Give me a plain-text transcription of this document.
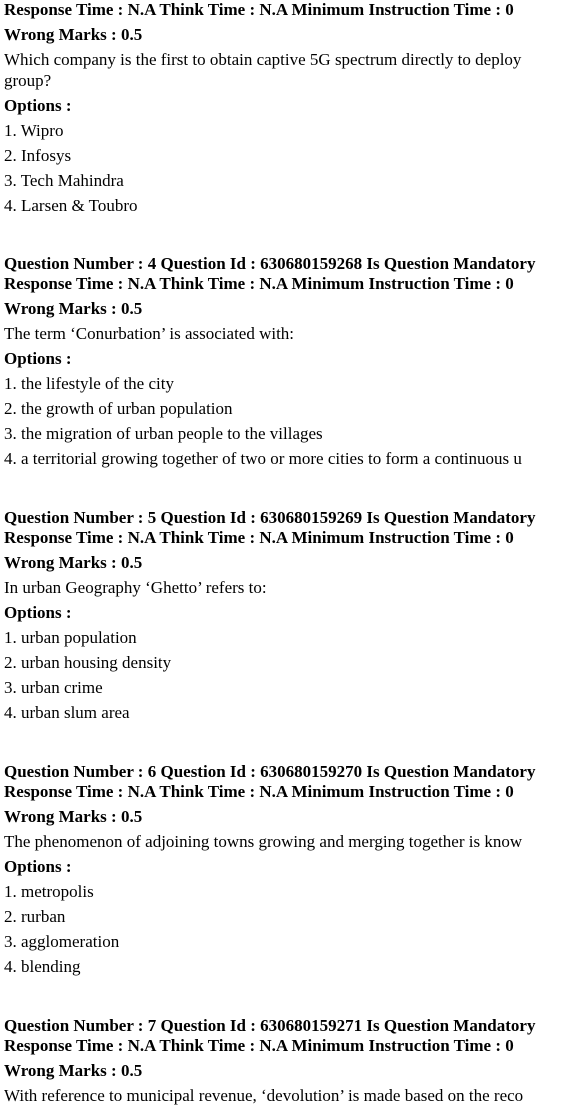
Response Time : N.A Think Time : N.A Minimum Instruction Time : 0
Wrong Marks : 0.5
Which company is the first to obtain captive 5G spectrum directly to deploy
group?
Options :
1. Wipro
2. Infosys
3. Tech Mahindra
4. Larsen & Toubro
Question Number : 4 Question Id : 630680159268 Is Question Mandatory
Response Time : N.A Think Time : N.A Minimum Instruction Time : 0
Wrong Marks : 0.5
The term ‘Conurbation’ is associated with:
Options :
1. the lifestyle of the city
2. the growth of urban population
3. the migration of urban people to the villages
4. a territorial growing together of two or more cities to form a continuous u
Question Number : 5 Question Id : 630680159269 Is Question Mandatory
Response Time : N.A Think Time : N.A Minimum Instruction Time : 0
Wrong Marks : 0.5
In urban Geography ‘Ghetto’ refers to:
Options :
1. urban population
2. urban housing density
3. urban crime
4. urban slum area
Question Number : 6 Question Id : 630680159270 Is Question Mandatory
Response Time : N.A Think Time : N.A Minimum Instruction Time : 0
Wrong Marks : 0.5
The phenomenon of adjoining towns growing and merging together is know
Options :
1. metropolis
2. rurban
3. agglomeration
4. blending
Question Number : 7 Question Id : 630680159271 Is Question Mandatory
Response Time : N.A Think Time : N.A Minimum Instruction Time : 0
Wrong Marks : 0.5
With reference to municipal revenue, ‘devolution’ is made based on the reco
